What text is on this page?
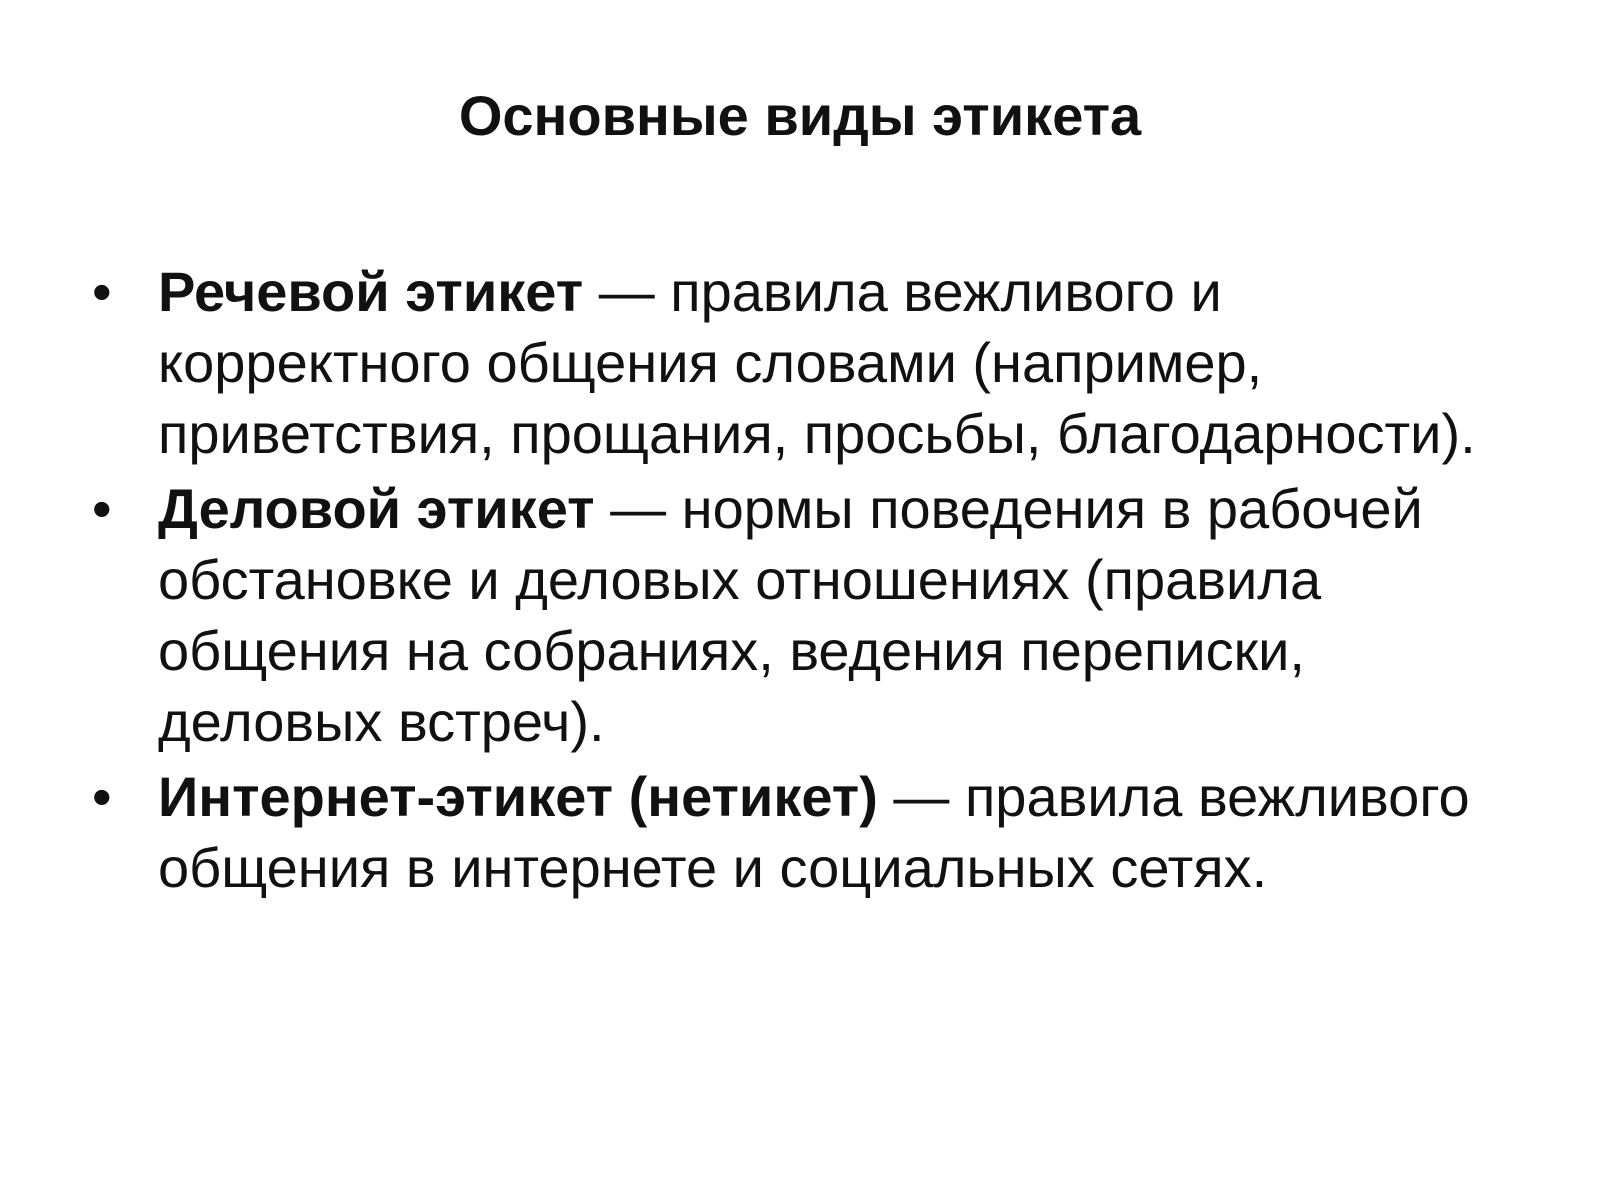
Основные виды этикета
• Речевой этикет — правила вежливого и корректного общения словами (например, приветствия, прощания, просьбы, благодарности).
• Деловой этикет — нормы поведения в рабочей обстановке и деловых отношениях (правила общения на собраниях, ведения переписки, деловых встреч).
• Интернет-этикет (нетикет) — правила вежливого общения в интернете и социальных сетях.
